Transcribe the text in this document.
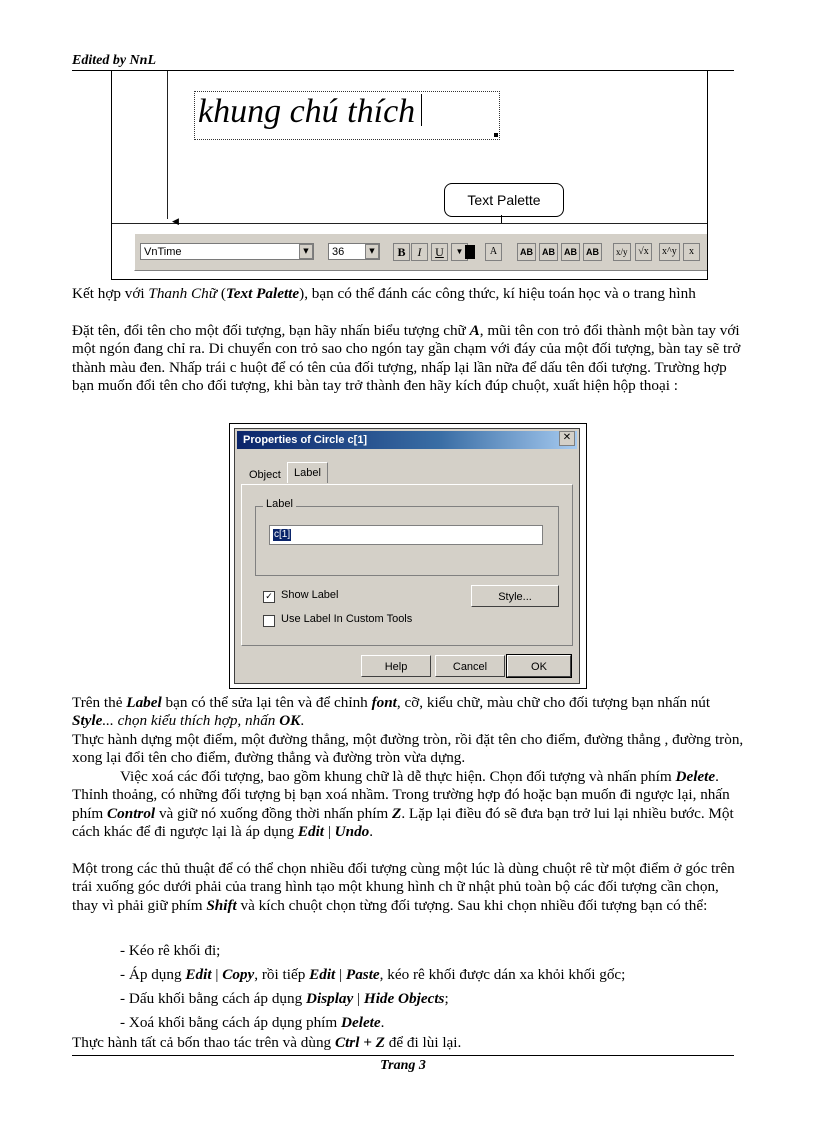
Edited by NnL
khung chú thích
Text Palette
◀
VnTime	▼	36	▼	B	I	U	▼	A	AB	AB	AB	AB	x/y	√x	x^y	x
Kết hợp với Thanh Chữ (Text Palette), bạn có thể đánh các công thức, kí hiệu toán học và o trang hình
Đặt tên, đổi tên cho một đối tượng, bạn hãy nhấn biểu tượng chữ A, mũi tên con trỏ đổi thành một bàn tay với một ngón đang chỉ ra. Di chuyển con trỏ sao cho ngón tay gần chạm với đáy của một đối tượng, bàn tay sẽ trở thành màu đen. Nhấp trái c huột để có tên của đối tượng, nhấp lại lần nữa để dấu tên đối tượng. Trường hợp bạn muốn đổi tên cho đối tượng, khi bàn tay trở thành đen hãy kích đúp chuột, xuất hiện hộp thoại :
Properties of Circle c[1]	✕
Object	Label
Label
c[1]
✓ Show Label
Use Label In Custom Tools
Style...
Help	Cancel	OK
Trên thẻ Label bạn có thể sửa lại tên và để chỉnh font, cỡ, kiểu chữ, màu chữ cho đối tượng bạn nhấn nút Style... chọn kiểu thích hợp, nhấn OK.
Thực hành dựng một điểm, một đường thẳng, một đường tròn, rồi đặt tên cho điểm, đường thẳng , đường tròn, xong lại đổi tên cho điểm, đường thẳng và đường tròn vừa dựng.
Việc xoá các đối tượng, bao gồm khung chữ là dễ thực hiện. Chọn đối tượng và nhấn phím Delete. Thỉnh thoảng, có những đối tượng bị bạn xoá nhầm. Trong trường hợp đó hoặc bạn muốn đi ngược lại, nhấn phím Control và giữ nó xuống đồng thời nhấn phím Z. Lặp lại điều đó sẽ đưa bạn trở lui lại nhiều bước. Một cách khác để đi ngược lại là áp dụng Edit | Undo.
Một trong các thủ thuật để có thể chọn nhiều đối tượng cùng một lúc là dùng chuột rê từ một điểm ở góc trên trái xuống góc dưới phải của trang hình tạo một khung hình ch ữ nhật phủ toàn bộ các đối tượng cần chọn, thay vì phải giữ phím Shift và kích chuột chọn từng đối tượng. Sau khi chọn nhiều đối tượng bạn có thể:
- Kéo rê khối đi;
- Áp dụng Edit | Copy, rồi tiếp Edit | Paste, kéo rê khối được dán xa khỏi khối gốc;
- Dấu khối bằng cách áp dụng Display | Hide Objects;
- Xoá khối bằng cách áp dụng phím Delete.
Thực hành tất cả bốn thao tác trên và dùng Ctrl + Z để đi lùi lại.
Trang 3
